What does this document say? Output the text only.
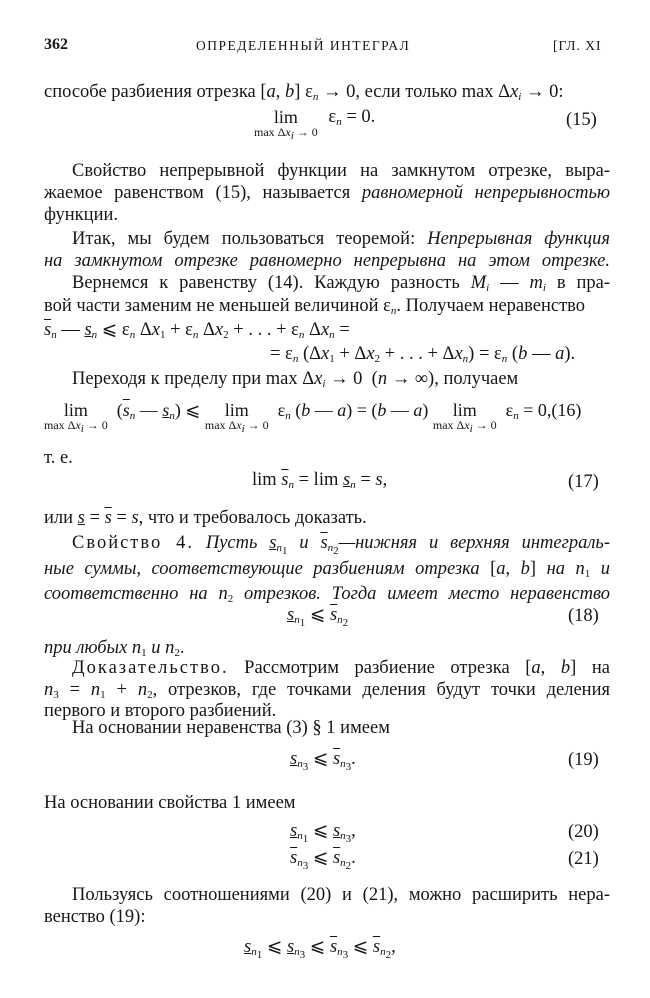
362	ОПРЕДЕЛЕННЫЙ ИНТЕГРАЛ	[ГЛ. XI
способе разбиения отрезка [a, b] $\varepsilon_n \to 0$, если только $\max \Delta x_i \to 0$:
lim
$\max \Delta x_i \to 0$
$\varepsilon_n = 0$.	(15)
Свойство непрерывной функции на замкнутом отрезке, выра-
жаемое равенством (15), называется равномерной непрерывностью
функции.
Итак, мы будем пользоваться теоремой: Непрерывная функция
на замкнутом отрезке равномерно непрерывна на этом отрезке.
Вернемся к равенству (14). Каждую разность $M_i$ — $m_i$ в пра-
вой части заменим не меньшей величиной $\varepsilon_n$. Получаем неравенство
$\overline{s}_n$ — $s_n$ ⩽ $\varepsilon_n$ $\Delta x_1 + \varepsilon_n$ $\Delta x_2$ + . . . + $\varepsilon_n$ $\Delta x_n$ =
= $\varepsilon_n$ ($\Delta x_1 + \Delta x_2$ + . . . + $\Delta x_n) = \varepsilon_n$ (b — a).
Переходя к пределу при $\max \Delta x_i \to 0$  (n → ∞), получаем
lim
$\max \Delta x_i \to 0$
($\overline{s}_n$ — $s_n$) ⩽	lim
$\max \Delta x_i \to 0$
$\varepsilon_n$ (b — a) = (b — a)	lim
$\max \Delta x_i \to 0$
$\varepsilon_n = 0,(16)$
т. е.
$\lim \overline{s}_n = \lim s_n = s$,	(17)
или $s = \overline{s} = s$, что и требовалось доказать.
Свойство 4. Пусть $s_{n_1}$ и $\overline{s}_{n_2}—нижняя$ и верхняя интеграль-
ные суммы, соответствующие разбиениям отрезка [a, b] на $n_1$ и
соответственно на $n_2$ отрезков. Тогда имеет место неравенство
$s_{n_1}$ ⩽ $\overline{s}_{n_2}$	(18)
при любых $n_1$ и $n_2$.
Доказательство. Рассмотрим разбиение отрезка [a, b] на
$n_3 = n_1 + n_2$, отрезков, где точками деления будут точки деления
первого и второго разбиений.
На основании неравенства (3) § 1 имеем
$s_{n_3}$ ⩽ $\overline{s}_{n_3}$.	(19)
На основании свойства 1 имеем
$s_{n_1}$ ⩽ $s_{n_3}$,	(20)
$\overline{s}_{n_3}$ ⩽ $\overline{s}_{n_2}$.	(21)
Пользуясь соотношениями (20) и (21), можно расширить нера-
венство (19):
$s_{n_1}$ ⩽ $s_{n_3}$ ⩽ $\overline{s}_{n_3}$ ⩽ $\overline{s}_{n_2}$,
